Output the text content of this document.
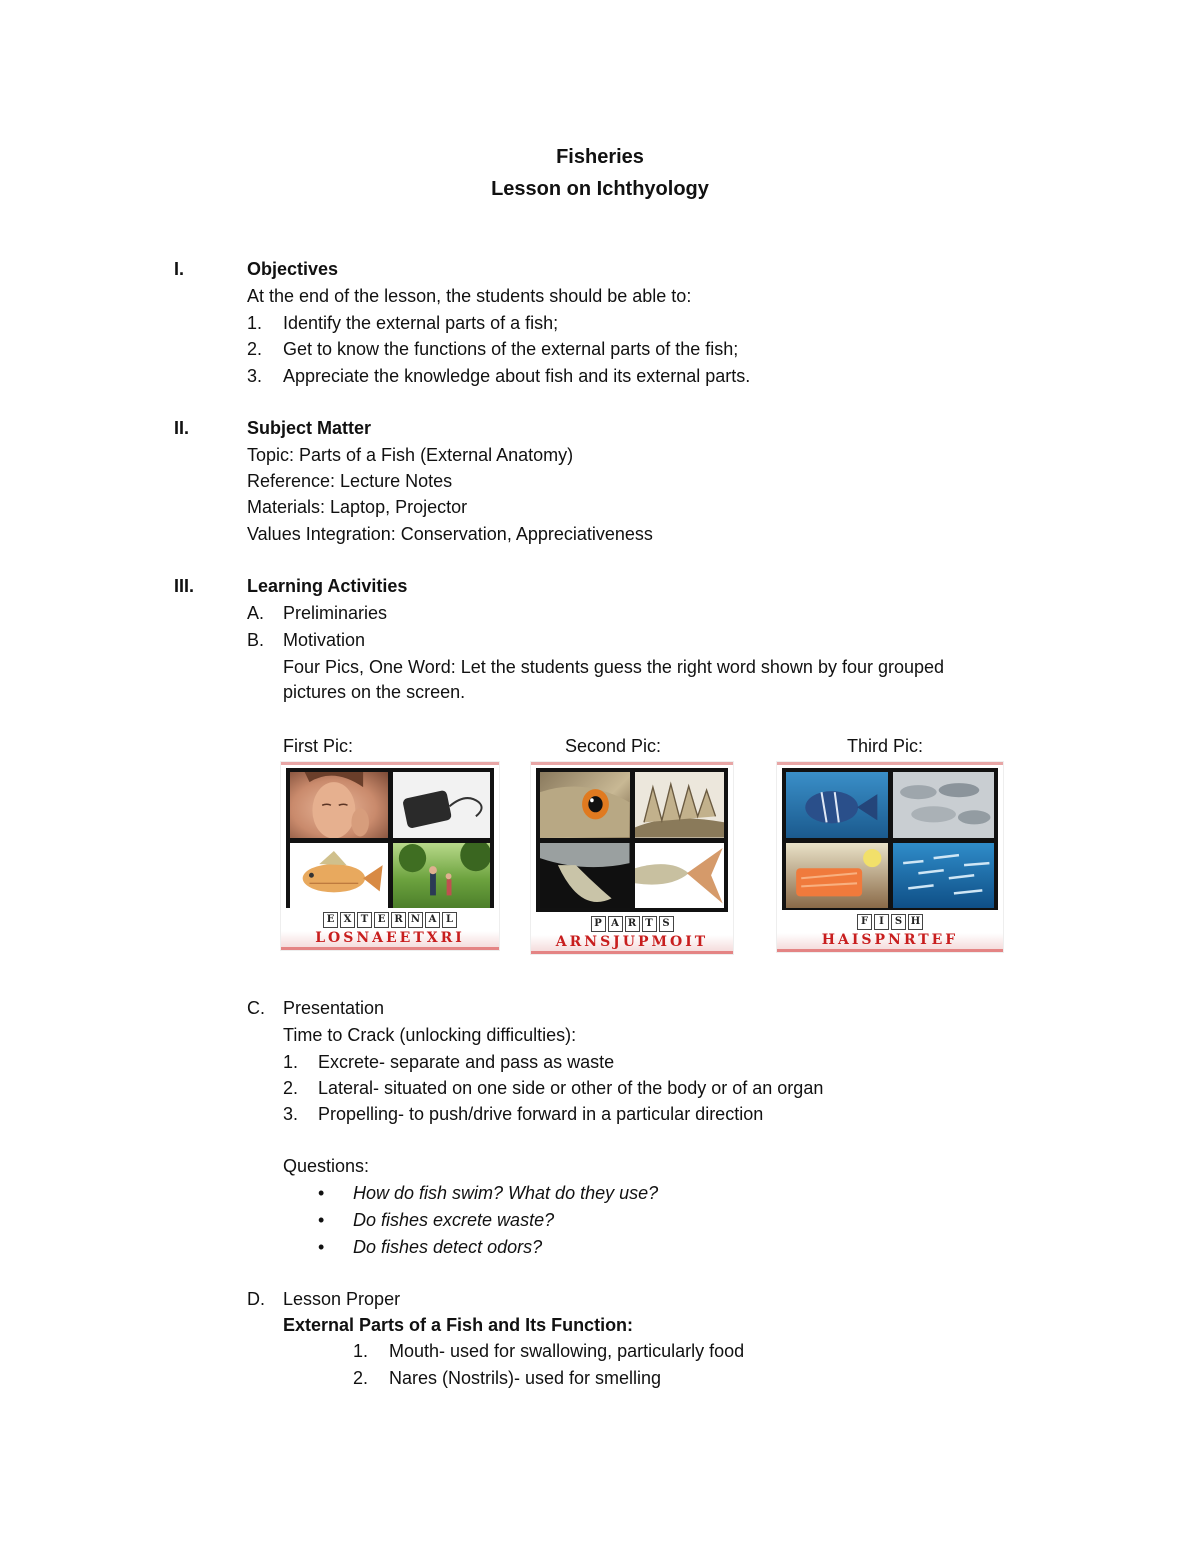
Fisheries
Lesson on Ichthyology
I.	Objectives
At the end of the lesson, the students should be able to:
1. Identify the external parts of a fish;
2. Get to know the functions of the external parts of the fish;
3. Appreciate the knowledge about fish and its external parts.
II.	Subject Matter
Topic: Parts of a Fish (External Anatomy)
Reference: Lecture Notes
Materials: Laptop, Projector
Values Integration: Conservation, Appreciativeness
III.	Learning Activities
A. Preliminaries
B. Motivation
Four Pics, One Word: Let the students guess the right word shown by four grouped
pictures on the screen.
First Pic:	Second Pic:	Third Pic:
E X T E R N A L
LOSNAEETXRI
P A R T S
ARNSJUPMOIT
F I S H
HAISPNRTEF
C. Presentation
Time to Crack (unlocking difficulties):
1. Excrete- separate and pass as waste
2. Lateral- situated on one side or other of the body or of an organ
3. Propelling- to push/drive forward in a particular direction
Questions:
• How do fish swim? What do they use?
• Do fishes excrete waste?
• Do fishes detect odors?
D. Lesson Proper
External Parts of a Fish and Its Function:
1. Mouth- used for swallowing, particularly food
2. Nares (Nostrils)- used for smelling
